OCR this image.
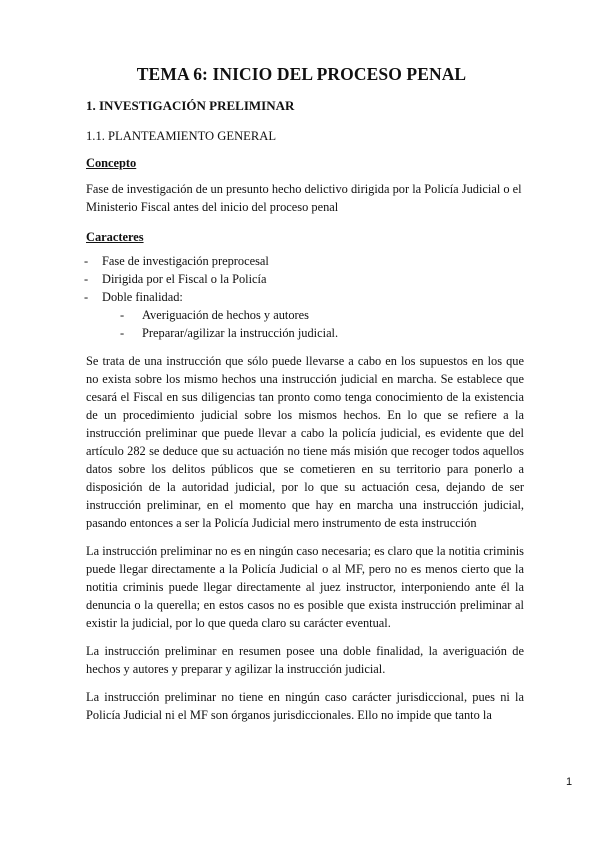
TEMA 6: INICIO DEL PROCESO PENAL

1. INVESTIGACIÓN PRELIMINAR

1.1. PLANTEAMIENTO GENERAL

Concepto

Fase de investigación de un presunto hecho delictivo dirigida por la Policía Judicial o el Ministerio Fiscal antes del inicio del proceso penal

Caracteres

-	Fase de investigación preprocesal
-	Dirigida por el Fiscal o la Policía
-	Doble finalidad:
-	Averiguación de hechos y autores
-	Preparar/agilizar la instrucción judicial.

Se trata de una instrucción que sólo puede llevarse a cabo en los supuestos en los que no exista sobre los mismo hechos una instrucción judicial en marcha. Se establece que cesará el Fiscal en sus diligencias tan pronto como tenga conocimiento de la existencia de un procedimiento judicial sobre los mismos hechos. En lo que se refiere a la instrucción preliminar que puede llevar a cabo la policía judicial, es evidente que del artículo 282 se deduce que su actuación no tiene más misión que recoger todos aquellos datos sobre los delitos públicos que se cometieren en su territorio para ponerlo a disposición de la autoridad judicial, por lo que su actuación cesa, dejando de ser instrucción preliminar, en el momento que hay en marcha una instrucción judicial, pasando entonces a ser la Policía Judicial mero instrumento de esta instrucción

La instrucción preliminar no es en ningún caso necesaria; es claro que la notitia criminis puede llegar directamente a la Policía Judicial o al MF, pero no es menos cierto que la notitia criminis puede llegar directamente al juez instructor, interponiendo ante él la denuncia o la querella; en estos casos no es posible que exista instrucción preliminar al existir la judicial, por lo que queda claro su carácter eventual.

La instrucción preliminar en resumen posee una doble finalidad, la averiguación de hechos y autores y preparar y agilizar la instrucción judicial.

La instrucción preliminar no tiene en ningún caso carácter jurisdiccional, pues ni la Policía Judicial ni el MF son órganos jurisdiccionales. Ello no impide que tanto la

1
